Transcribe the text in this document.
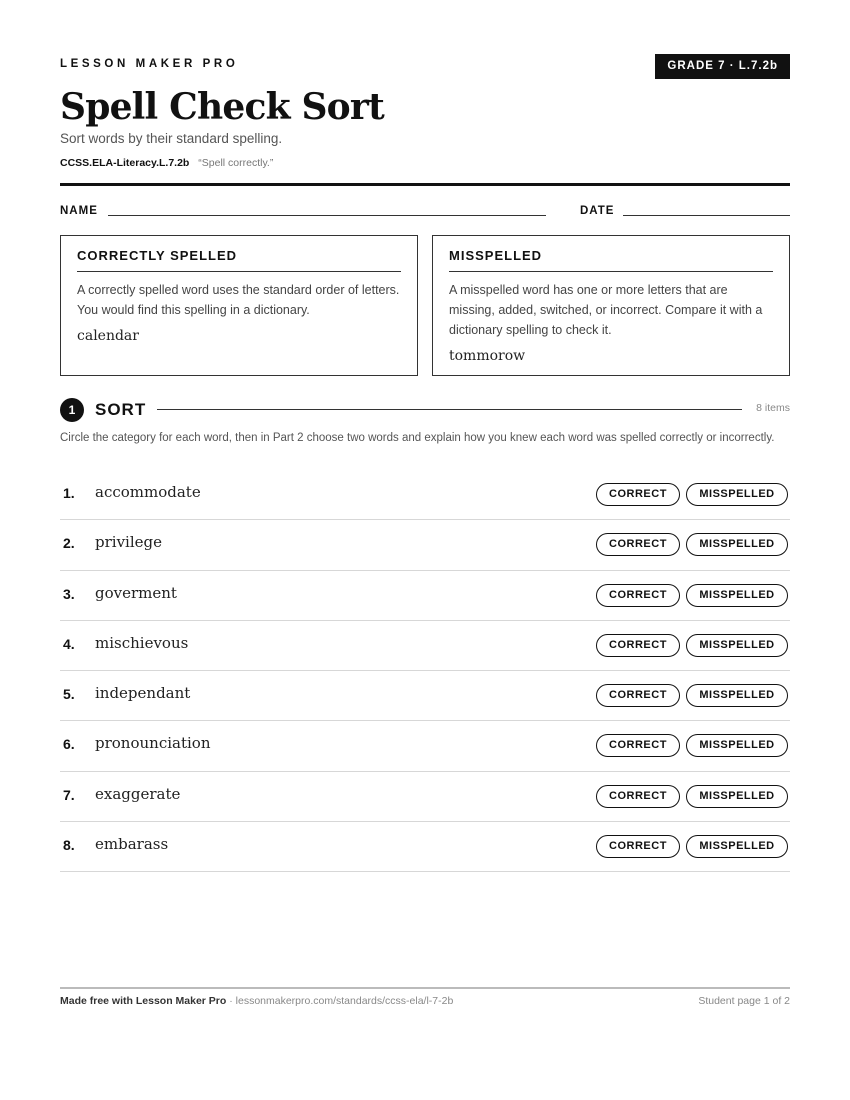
LESSON MAKER PRO	GRADE 7 · L.7.2b
Spell Check Sort
Sort words by their standard spelling.
CCSS.ELA-Literacy.L.7.2b “Spell correctly.”
NAME	DATE
CORRECTLY SPELLED

A correctly spelled word uses the standard order of letters. You would find this spelling in a dictionary.

calendar

MISSPELLED

A misspelled word has one or more letters that are missing, added, switched, or incorrect. Compare it with a dictionary spelling to check it.

tommorow

1	SORT	8 items
Circle the category for each word, then in Part 2 choose two words and explain how you knew each word was spelled correctly or incorrectly.
1. accommodate	CORRECT	MISSPELLED
2. privilege	CORRECT	MISSPELLED
3. goverment	CORRECT	MISSPELLED
4. mischievous	CORRECT	MISSPELLED
5. independant	CORRECT	MISSPELLED
6. pronounciation	CORRECT	MISSPELLED
7. exaggerate	CORRECT	MISSPELLED
8. embarass	CORRECT	MISSPELLED
Made free with Lesson Maker Pro · lessonmakerpro.com/standards/ccss-ela/l-7-2b	Student page 1 of 2
